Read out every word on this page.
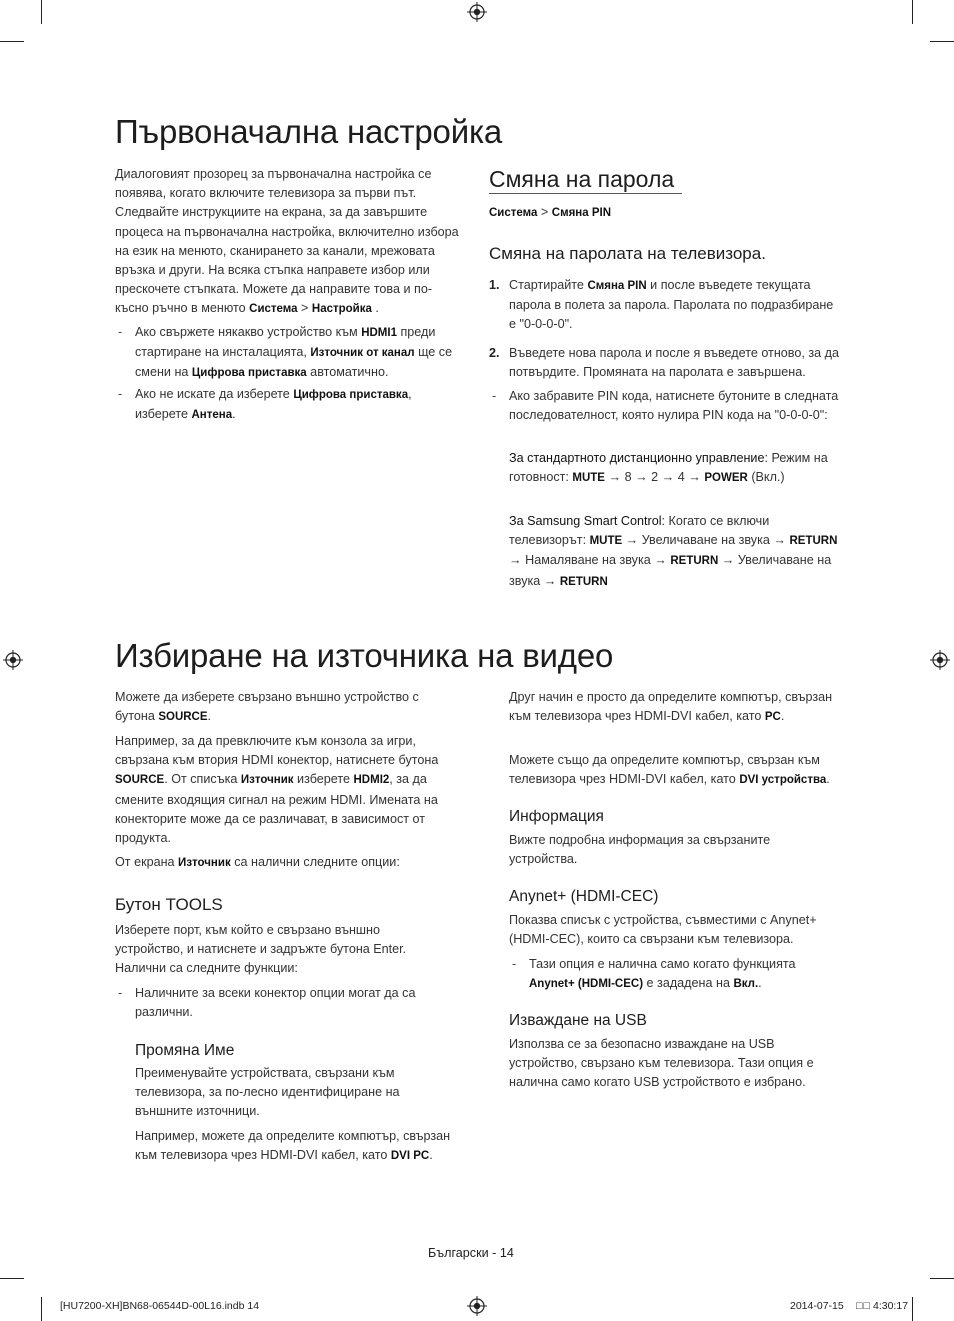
Първоначална настройка

Диалоговият прозорец за първоначална настройка се появява, когато включите телевизора за първи път. Следвайте инструкциите на екрана, за да завършите процеса на първоначална настройка, включително избора на език на менюто, сканирането за канали, мрежовата връзка и други. На всяка стъпка направете избор или прескочете стъпката. Можете да направите това и по-късно ръчно в менюто Система > Настройка .

- Ако свържете някакво устройство към HDMI1 преди стартиране на инсталацията, Източник от канал ще се смени на Цифрова приставка автоматично.

- Ако не искате да изберете Цифрова приставка, изберете Антена.

Смяна на парола

Система > Смяна PIN

Смяна на паролата на телевизора.
1. Стартирайте Смяна PIN и после въведете текущата парола в полета за парола. Паролата по подразбиране е "0-0-0-0".

2. Въведете нова парола и после я въведете отново, за да потвърдите. Промяната на паролата е завършена.

- Ако забравите PIN кода, натиснете бутоните в следната последователност, която нулира PIN кода на "0-0-0-0":

За стандартното дистанционно управление: Режим на готовност: MUTE → 8 → 2 → 4 → POWER (Вкл.)

За Samsung Smart Control: Когато се включи телевизорът: MUTE → Увеличаване на звука → RETURN → Намаляване на звука → RETURN → Увеличаване на звука → RETURN

Избиране на източника на видео

Можете да изберете свързано външно устройство с бутона SOURCE.

Например, за да превключите към конзола за игри, свързана към втория HDMI конектор, натиснете бутона SOURCE. От списъка Източник изберете HDMI2, за да смените входящия сигнал на режим HDMI. Имената на конекторите може да се различават, в зависимост от продукта.

От екрана Източник са налични следните опции:

Бутон TOOLS

Изберете порт, към който е свързано външно устройство, и натиснете и задръжте бутона Enter. Налични са следните функции:

- Наличните за всеки конектор опции могат да са различни.

Промяна Име

Преименувайте устройствата, свързани към телевизора, за по-лесно идентифициране на външните източници.

Например, можете да определите компютър, свързан към телевизора чрез HDMI-DVI кабел, като DVI PC.

Друг начин е просто да определите компютър, свързан към телевизора чрез HDMI-DVI кабел, като PC.

Можете също да определите компютър, свързан към телевизора чрез HDMI-DVI кабел, като DVI устройства.

Информация

Вижте подробна информация за свързаните устройства.

Anynet+ (HDMI-CEC)

Показва списък с устройства, съвместими с Anynet+ (HDMI-CEC), които са свързани към телевизора.

- Тази опция е налична само когато функцията Anynet+ (HDMI-CEC) е зададена на Вкл..

Изваждане на USB

Използва се за безопасно изваждане на USB устройство, свързано към телевизора. Тази опция е налична само когато USB устройството е избрано.

Български - 14
[HU7200-XH]BN68-06544D-00L16.indb 14	2014-07-15 □□ 4:30:17
